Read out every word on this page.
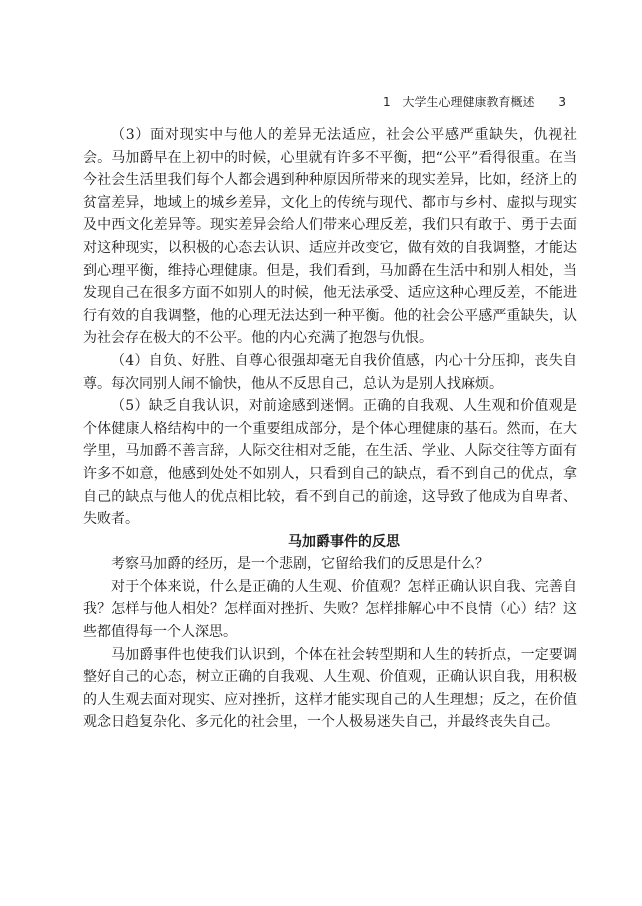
1 大学生心理健康教育概述 3

（3）面对现实中与他人的差异无法适应，社会公平感严重缺失，仇视社会。马加爵早在上初中的时候，心里就有许多不平衡，把“公平”看得很重。在当今社会生活里我们每个人都会遇到种种原因所带来的现实差异，比如，经济上的贫富差异，地域上的城乡差异，文化上的传统与现代、都市与乡村、虚拟与现实及中西文化差异等。现实差异会给人们带来心理反差，我们只有敢于、勇于去面对这种现实，以积极的心态去认识、适应并改变它，做有效的自我调整，才能达到心理平衡，维持心理健康。但是，我们看到，马加爵在生活中和别人相处，当发现自己在很多方面不如别人的时候，他无法承受、适应这种心理反差，不能进行有效的自我调整，他的心理无法达到一种平衡。他的社会公平感严重缺失，认为社会存在极大的不公平。他的内心充满了抱怨与仇恨。

（4）自负、好胜、自尊心很强却毫无自我价值感，内心十分压抑，丧失自尊。每次同别人闹不愉快，他从不反思自己，总认为是别人找麻烦。

（5）缺乏自我认识，对前途感到迷惘。正确的自我观、人生观和价值观是个体健康人格结构中的一个重要组成部分，是个体心理健康的基石。然而，在大学里，马加爵不善言辞，人际交往相对乏能，在生活、学业、人际交往等方面有许多不如意，他感到处处不如别人，只看到自己的缺点，看不到自己的优点，拿自己的缺点与他人的优点相比较，看不到自己的前途，这导致了他成为自卑者、失败者。

马加爵事件的反思

考察马加爵的经历，是一个悲剧，它留给我们的反思是什么？

对于个体来说，什么是正确的人生观、价值观？怎样正确认识自我、完善自我？怎样与他人相处？怎样面对挫折、失败？怎样排解心中不良情（心）结？这些都值得每一个人深思。

马加爵事件也使我们认识到，个体在社会转型期和人生的转折点，一定要调整好自己的心态，树立正确的自我观、人生观、价值观，正确认识自我，用积极的人生观去面对现实、应对挫折，这样才能实现自己的人生理想；反之，在价值观念日趋复杂化、多元化的社会里，一个人极易迷失自己，并最终丧失自己。
